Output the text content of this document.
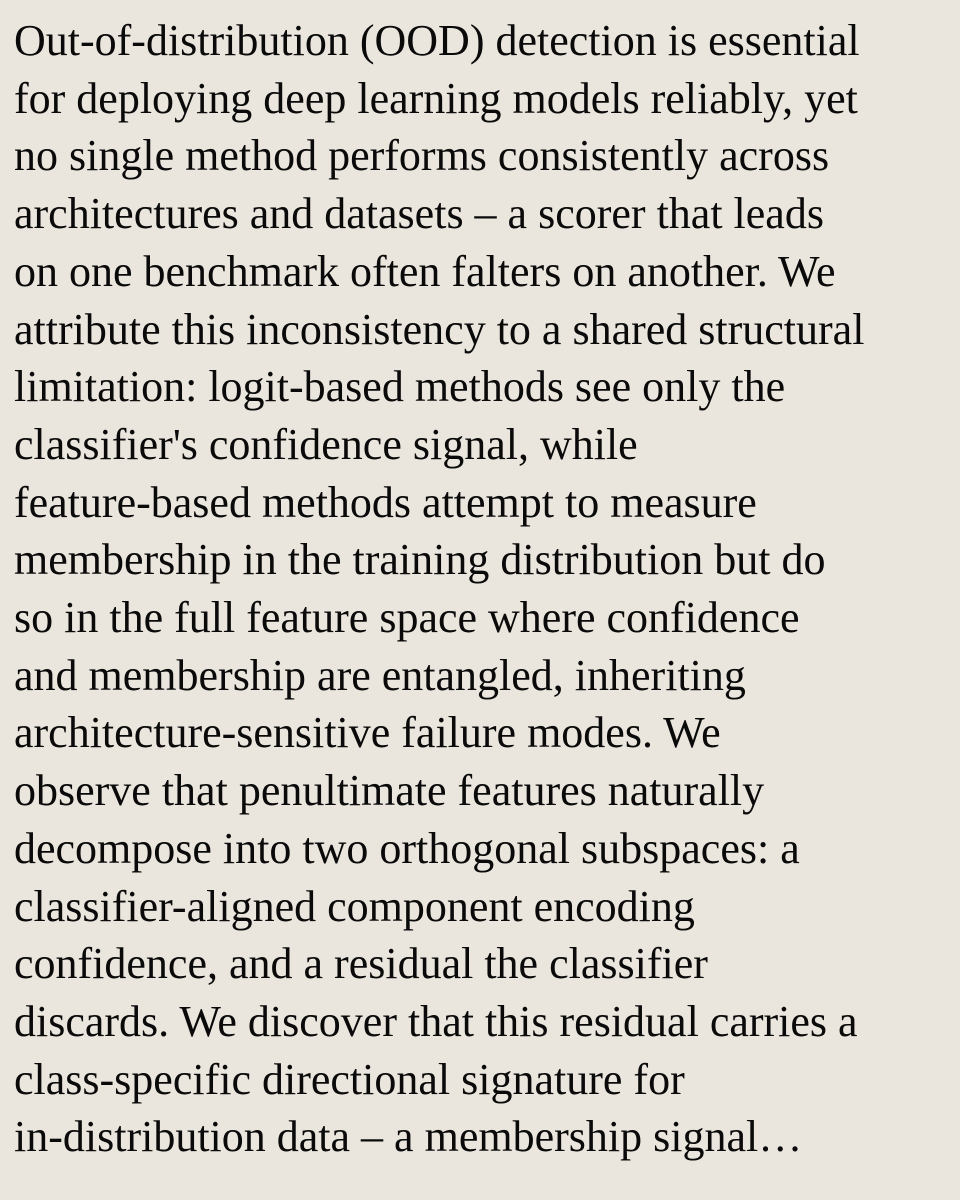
Out-of-distribution (OOD) detection is essential
for deploying deep learning models reliably, yet
no single method performs consistently across
architectures and datasets – a scorer that leads
on one benchmark often falters on another. We
attribute this inconsistency to a shared structural
limitation: logit-based methods see only the
classifier's confidence signal, while
feature-based methods attempt to measure
membership in the training distribution but do
so in the full feature space where confidence
and membership are entangled, inheriting
architecture-sensitive failure modes. We
observe that penultimate features naturally
decompose into two orthogonal subspaces: a
classifier-aligned component encoding
confidence, and a residual the classifier
discards. We discover that this residual carries a
class-specific directional signature for
in-distribution data – a membership signal…
